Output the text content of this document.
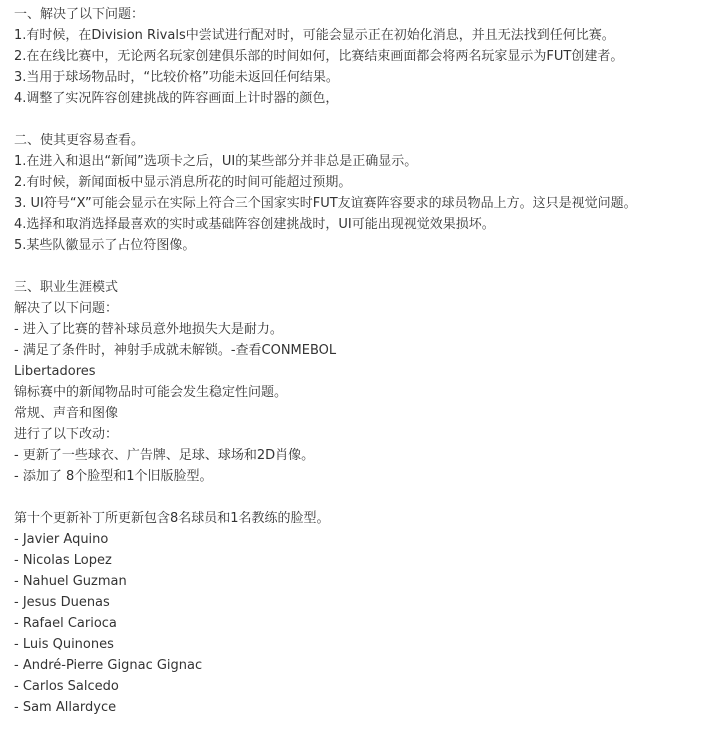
一、解决了以下问题：
1.有时候，在Division Rivals中尝试进行配对时，可能会显示正在初始化消息，并且无法找到任何比赛。
2.在在线比赛中，无论两名玩家创建俱乐部的时间如何，比赛结束画面都会将两名玩家显示为FUT创建者。
3.当用于球场物品时，“比较价格”功能未返回任何结果。
4.调整了实况阵容创建挑战的阵容画面上计时器的颜色，
二、使其更容易查看。
1.在进入和退出“新闻”选项卡之后，UI的某些部分并非总是正确显示。
2.有时候，新闻面板中显示消息所花的时间可能超过预期。
3. UI符号“X”可能会显示在实际上符合三个国家实时FUT友谊赛阵容要求的球员物品上方。这只是视觉问题。
4.选择和取消选择最喜欢的实时或基础阵容创建挑战时，UI可能出现视觉效果损坏。
5.某些队徽显示了占位符图像。
三、职业生涯模式
解决了以下问题：
- 进入了比赛的替补球员意外地损失大是耐力。
- 满足了条件时，神射手成就未解锁。-查看CONMEBOL
Libertadores
锦标赛中的新闻物品时可能会发生稳定性问题。
常规、声音和图像
进行了以下改动：
- 更新了一些球衣、广告牌、足球、球场和2D肖像。
- 添加了 8个脸型和1个旧版脸型。
第十个更新补丁所更新包含8名球员和1名教练的脸型。
- Javier Aquino
- Nicolas Lopez
- Nahuel Guzman
- Jesus Duenas
- Rafael Carioca
- Luis Quinones
- André-Pierre Gignac Gignac
- Carlos Salcedo
- Sam Allardyce
